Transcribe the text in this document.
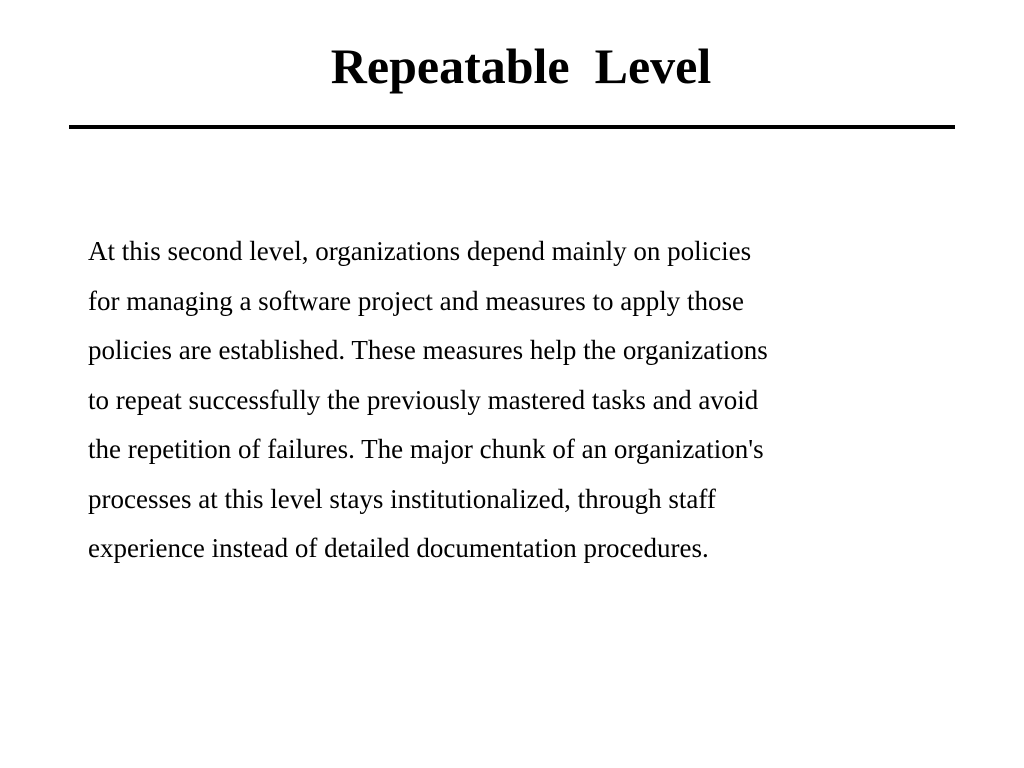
Repeatable  Level

At this second level, organizations depend mainly on policies
for managing a software project and measures to apply those
policies are established. These measures help the organizations
to repeat successfully the previously mastered tasks and avoid
the repetition of failures. The major chunk of an organization's
processes at this level stays institutionalized, through staff
experience instead of detailed documentation procedures.
